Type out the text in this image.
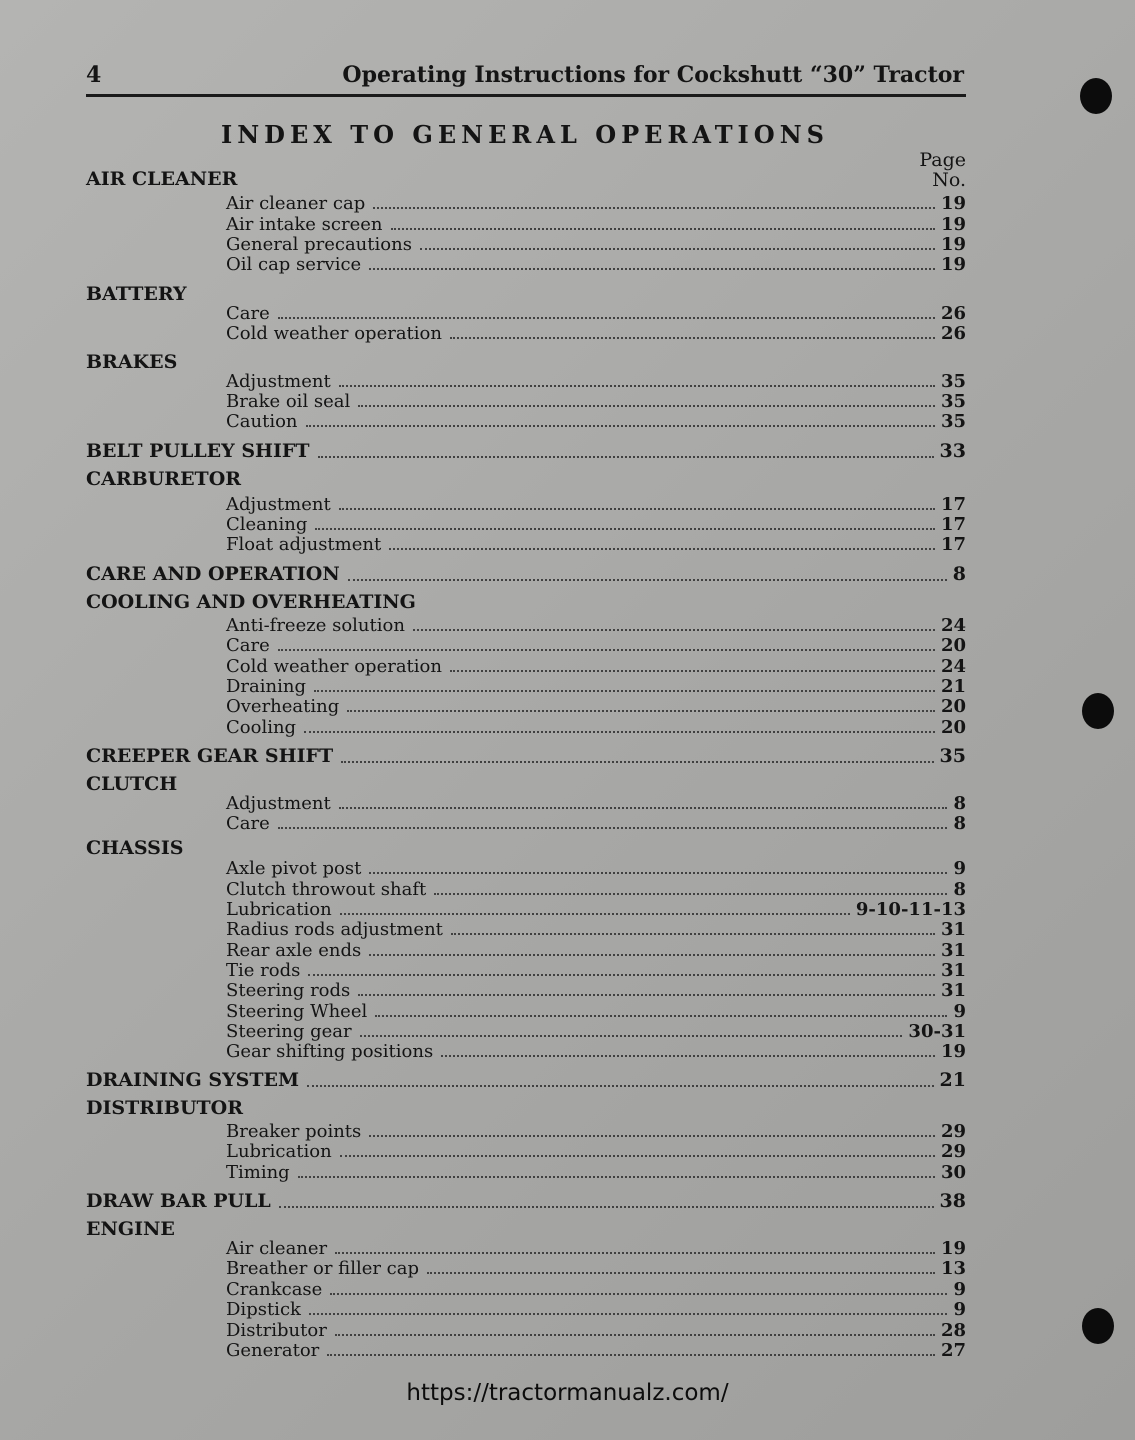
4	Operating Instructions for Cockshutt “30” Tractor
INDEX TO GENERAL OPERATIONS
Page
No.
AIR CLEANER
Air cleaner cap	19
Air intake screen	19
General precautions	19
Oil cap service	19
BATTERY
Care	26
Cold weather operation	26
BRAKES
Adjustment	35
Brake oil seal	35
Caution	35
BELT PULLEY SHIFT	33
CARBURETOR
Adjustment	17
Cleaning	17
Float adjustment	17
CARE AND OPERATION	8
COOLING AND OVERHEATING
Anti-freeze solution	24
Care	20
Cold weather operation	24
Draining	21
Overheating	20
Cooling	20
CREEPER GEAR SHIFT	35
CLUTCH
Adjustment	8
Care	8
CHASSIS
Axle pivot post	9
Clutch throwout shaft	8
Lubrication	9-10-11-13
Radius rods adjustment	31
Rear axle ends	31
Tie rods	31
Steering rods	31
Steering Wheel	9
Steering gear	30-31
Gear shifting positions	19
DRAINING SYSTEM	21
DISTRIBUTOR
Breaker points	29
Lubrication	29
Timing	30
DRAW BAR PULL	38
ENGINE
Air cleaner	19
Breather or filler cap	13
Crankcase	9
Dipstick	9
Distributor	28
Generator	27
https://tractormanualz.com/
